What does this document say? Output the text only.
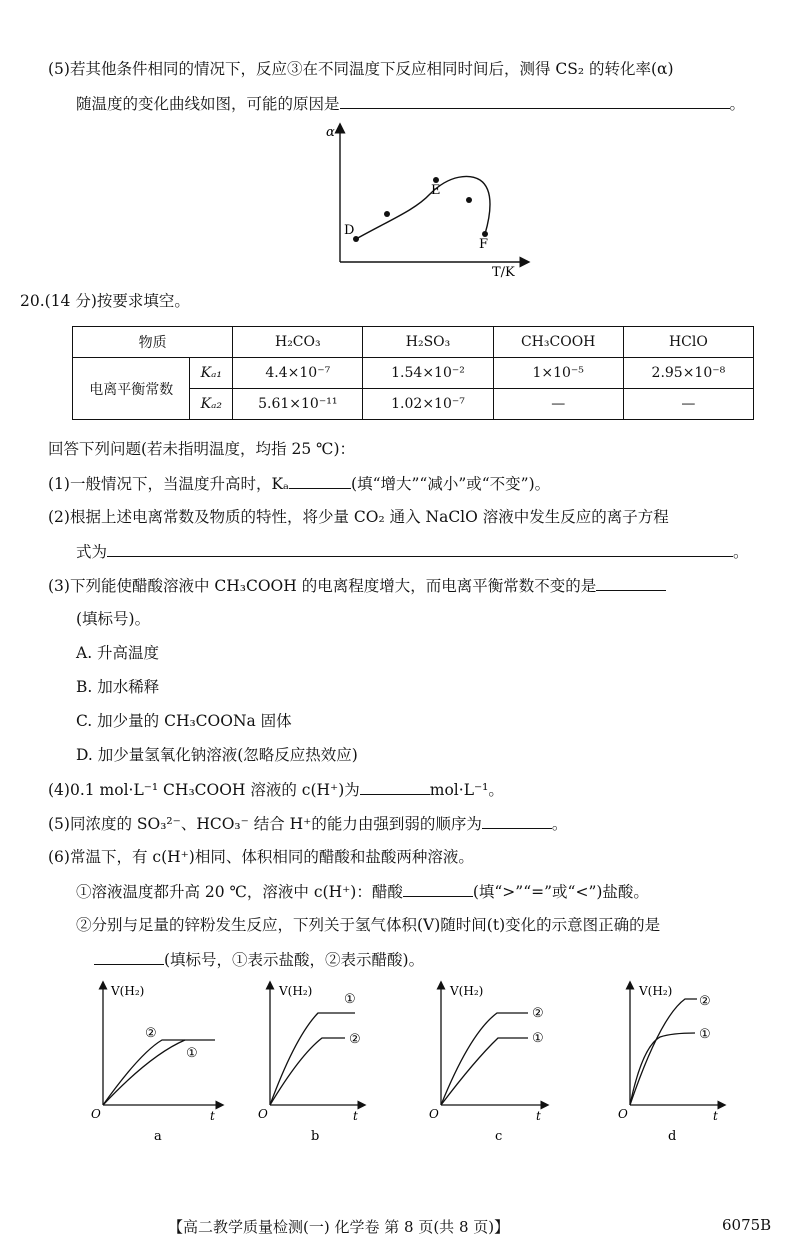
(5)若其他条件相同的情况下，反应③在不同温度下反应相同时间后，测得 CS₂ 的转化率(α)
随温度的变化曲线如图，可能的原因是	。
α
T/K
D
E
F
20.(14 分)按要求填空。
物质		H₂CO₃	H₂SO₃	CH₃COOH	HClO
电离平衡常数	Kₐ₁	4.4×10⁻⁷	1.54×10⁻²	1×10⁻⁵	2.95×10⁻⁸
	Kₐ₂	5.61×10⁻¹¹	1.02×10⁻⁷	—	—
回答下列问题(若未指明温度，均指 25 ℃)：
(1)一般情况下，当温度升高时，Kₐ	(填“增大”“减小”或“不变”)。
(2)根据上述电离常数及物质的特性，将少量 CO₂ 通入 NaClO 溶液中发生反应的离子方程
式为	。
(3)下列能使醋酸溶液中 CH₃COOH 的电离程度增大，而电离平衡常数不变的是
(填标号)。
A. 升高温度
B. 加水稀释
C. 加少量的 CH₃COONa 固体
D. 加少量氢氧化钠溶液(忽略反应热效应)
(4)0.1 mol·L⁻¹ CH₃COOH 溶液的 c(H⁺)为	mol·L⁻¹。
(5)同浓度的 SO₃²⁻、HCO₃⁻ 结合 H⁺的能力由强到弱的顺序为	。
(6)常温下，有 c(H⁺)相同、体积相同的醋酸和盐酸两种溶液。
①溶液温度都升高 20 ℃，溶液中 c(H⁺)：醋酸	(填“>”“=”或“<”)盐酸。
②分别与足量的锌粉发生反应，下列关于氢气体积(V)随时间(t)变化的示意图正确的是
(填标号，①表示盐酸，②表示醋酸)。
V(H₂)
O	t
②
①
a
V(H₂)
O	t
①
②
b
V(H₂)
O	t
②
①
c
V(H₂)
O	t
②
①
d
【高二教学质量检测(一) 化学卷 第 8 页(共 8 页)】	6075B
